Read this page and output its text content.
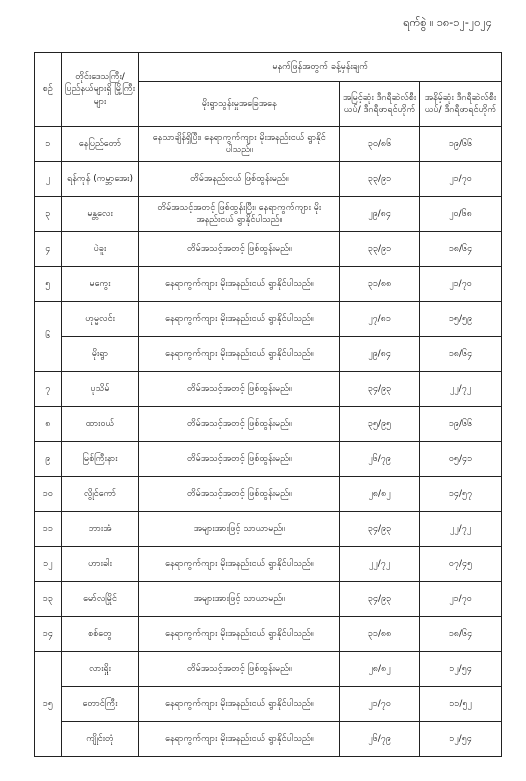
ရက်စွဲ ။ ၁၈-၁၂-၂၀၂၄
စဥ်	တိုင်းဒေသကြီး/ ပြည်နယ်များရှိ မြို့ကြီးများ	မနက်ဖြန်အတွက် ခန့်မှန်းချက်		
		မိုးရွာသွန်းမှုအခြေအနေ	အမြင့်ဆုံး ဒီဂရီဆဲလ်စီးယပ်/ ဒီဂရီဖာရင်ဟိုက်	အနိမ့်ဆုံး ဒီဂရီဆဲလ်စီးယပ်/ ဒီဂရီဖာရင်ဟိုက်
၁	နေပြည်တော်	နေသာချိန်ရှိပြီး၊ နေရာကွက်ကျား မိုးအနည်းငယ် ရွာနိုင်ပါသည်။	၃၀/၈၆	၁၉/၆၆
၂	ရန်ကုန် (ကမ္ဘာအေး)	တိမ်အနည်းငယ် ဖြစ်ထွန်းမည်။	၃၃/၉၁	၂၁/၇၀
၃	မန္တလေး	တိမ်အသင့်အတင့် ဖြစ်ထွန်းပြီး၊ နေရာကွက်ကျား မိုးအနည်းငယ် ရွာနိုင်ပါသည်။	၂၉/၈၄	၂၀/၆၈
၄	ပဲခူး	တိမ်အသင့်အတင့် ဖြစ်ထွန်းမည်။	၃၃/၉၁	၁၈/၆၄
၅	မကွေး	နေရာကွက်ကျား မိုးအနည်းငယ် ရွာနိုင်ပါသည်။	၃၁/၈၈	၂၁/၇၀
၆	ဟုမ္မလင်း	နေရာကွက်ကျား မိုးအနည်းငယ် ရွာနိုင်ပါသည်။	၂၇/၈၁	၁၅/၅၉
	မိုးရွာ	နေရာကွက်ကျား မိုးအနည်းငယ် ရွာနိုင်ပါသည်။	၂၉/၈၄	၁၈/၆၄
၇	ပုသိမ်	တိမ်အသင့်အတင့် ဖြစ်ထွန်းမည်။	၃၄/၉၃	၂၂/၇၂
၈	ထားဝယ်	တိမ်အသင့်အတင့် ဖြစ်ထွန်းမည်။	၃၅/၉၅	၁၉/၆၆
၉	မြစ်ကြီးနား	တိမ်အသင့်အတင့် ဖြစ်ထွန်းမည်။	၂၆/၇၉	၀၅/၄၁
၁၀	လွိုင်ကော်	တိမ်အသင့်အတင့် ဖြစ်ထွန်းမည်။	၂၈/၈၂	၁၄/၅၇
၁၁	ဘားအံ	အများအားဖြင့် သာယာမည်။	၃၄/၉၃	၂၂/၇၂
၁၂	ဟားခါး	နေရာကွက်ကျား မိုးအနည်းငယ် ရွာနိုင်ပါသည်။	၂၂/၇၂	၀၇/၄၅
၁၃	မော်လမြိုင်	အများအားဖြင့် သာယာမည်။	၃၄/၉၃	၂၁/၇၀
၁၄	စစ်တွေ	နေရာကွက်ကျား မိုးအနည်းငယ် ရွာနိုင်ပါသည်။	၃၁/၈၈	၁၈/၆၄
၁၅	လားရှိုး	တိမ်အသင့်အတင့် ဖြစ်ထွန်းမည်။	၂၈/၈၂	၁၂/၅၄
	တောင်ကြီး	နေရာကွက်ကျား မိုးအနည်းငယ် ရွာနိုင်ပါသည်။	၂၁/၇၀	၁၁/၅၂
	ကျိုင်းတုံ	နေရာကွက်ကျား မိုးအနည်းငယ် ရွာနိုင်ပါသည်။	၂၆/၇၉	၁၂/၅၄
